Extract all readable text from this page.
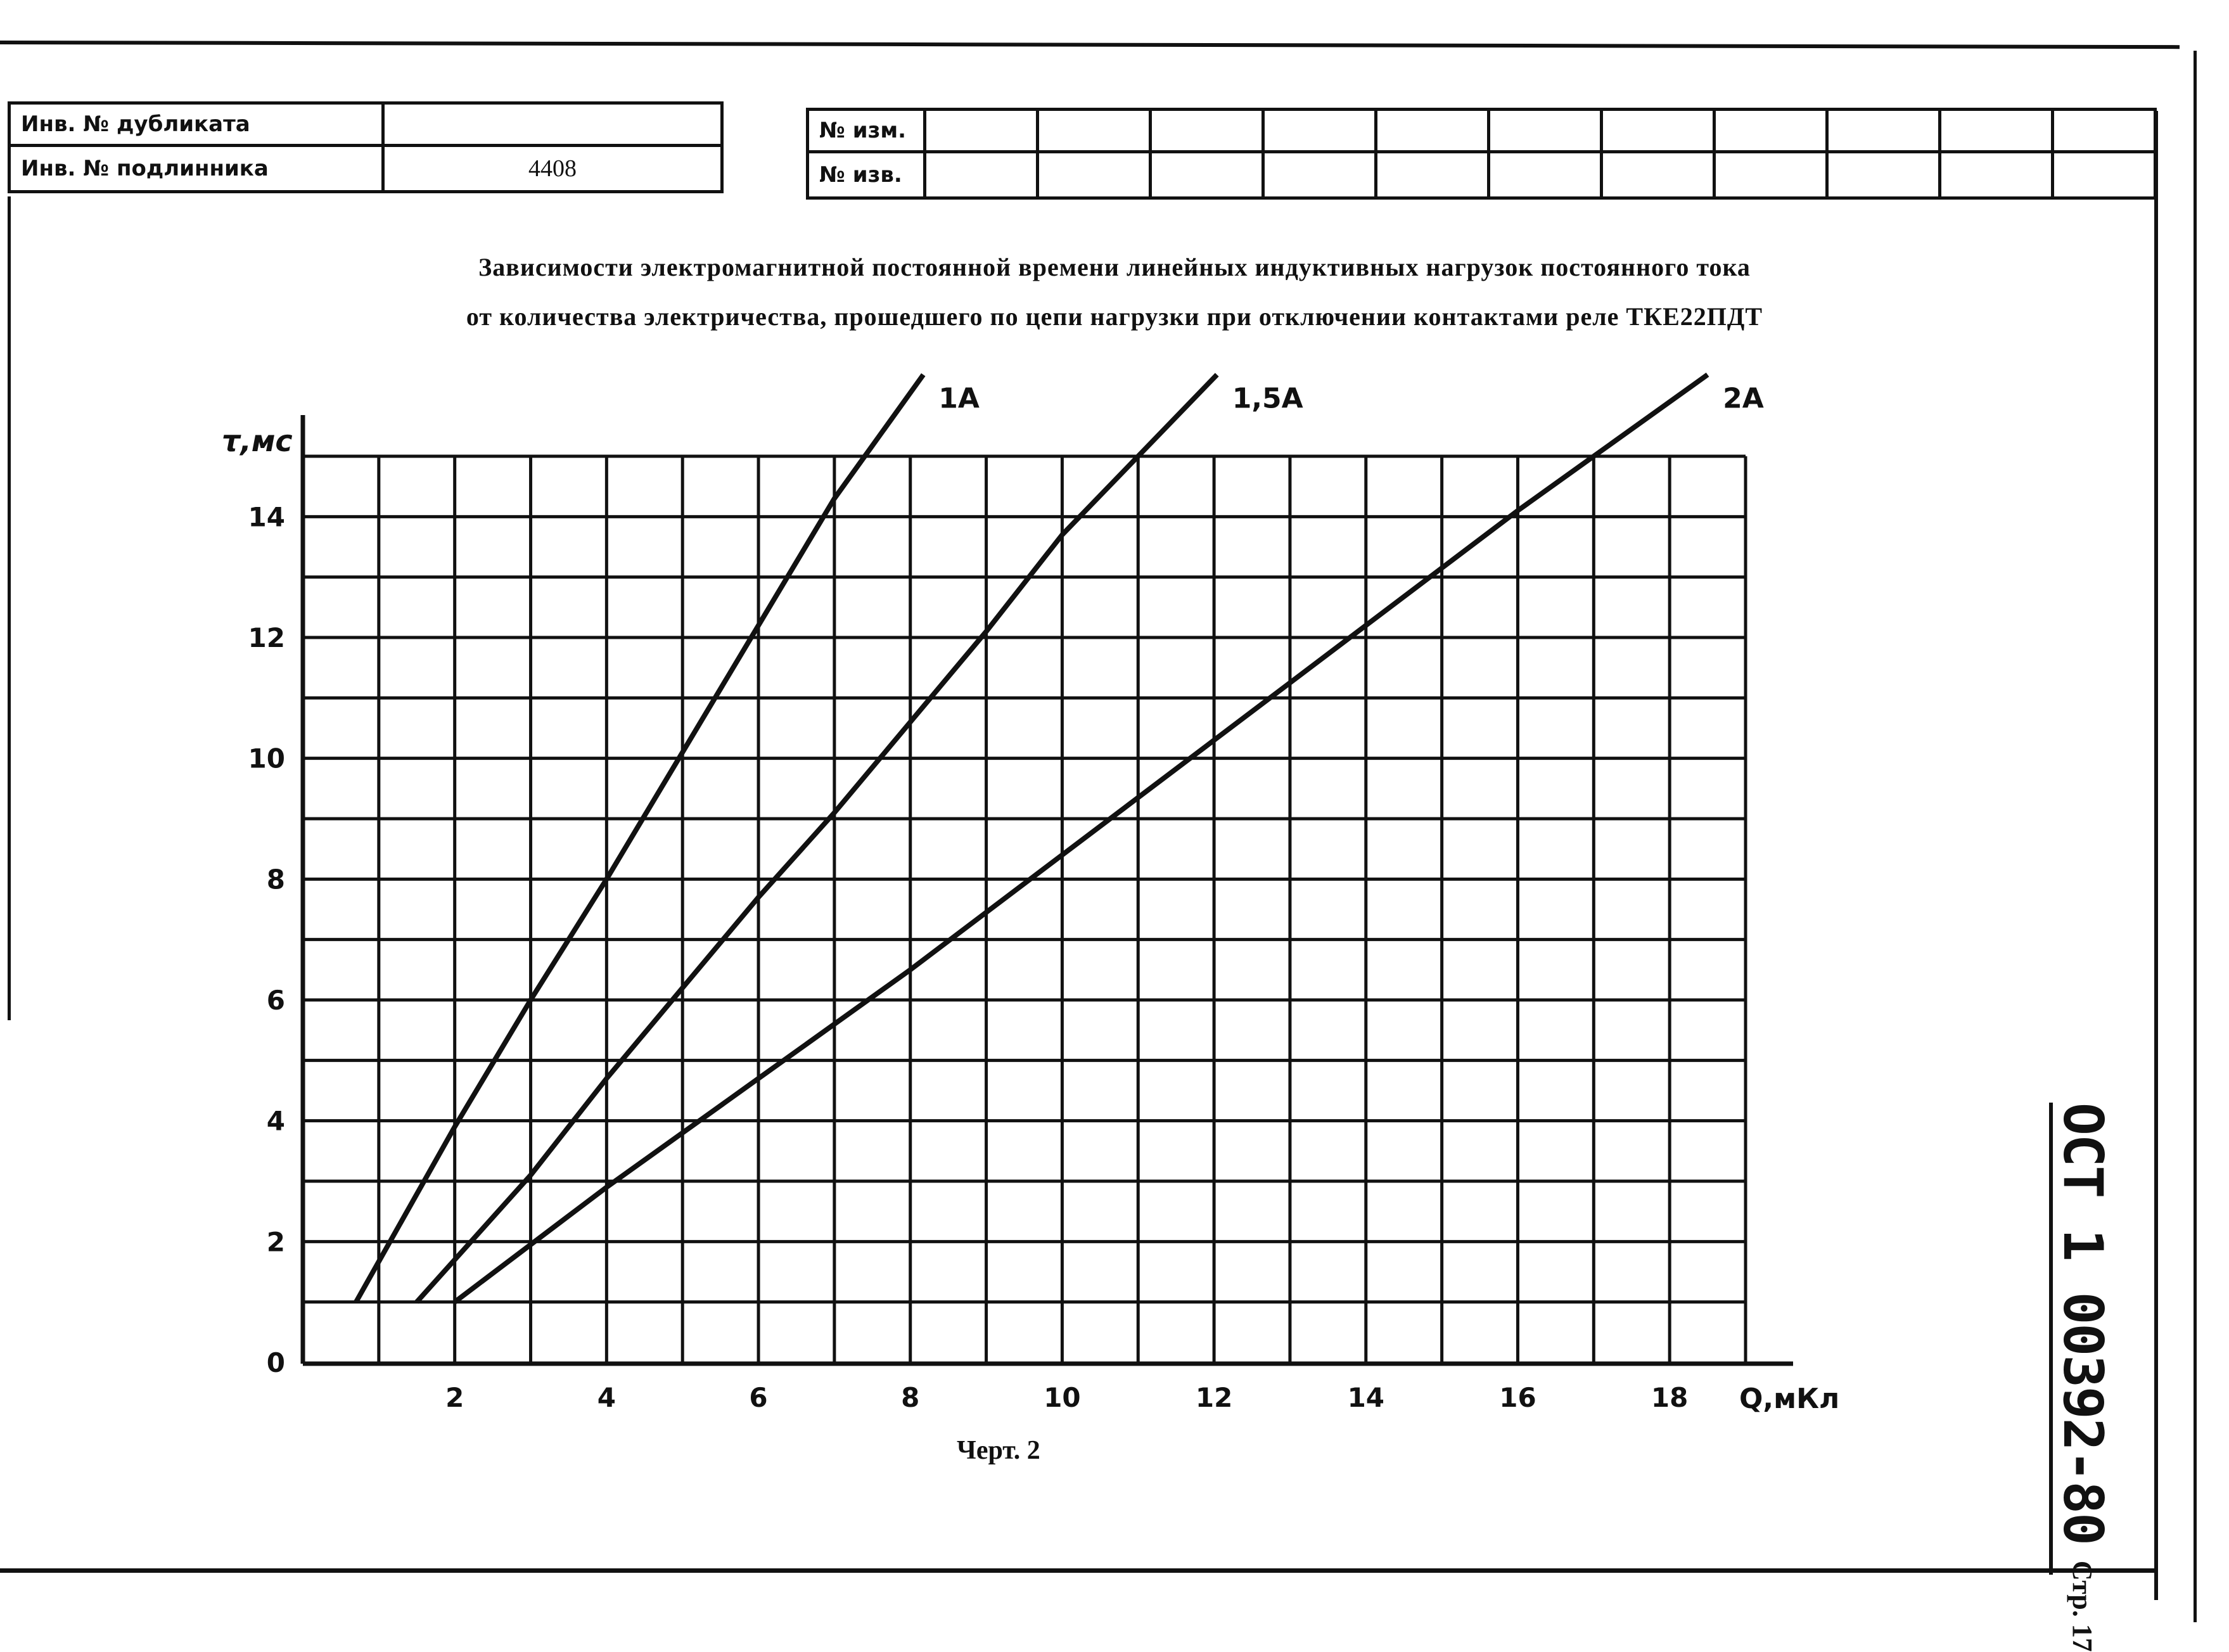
Инв. № дубликата
Инв. № подлинника	4408
№ изм.
№ изв.
Зависимости электромагнитной постоянной времени линейных индуктивных нагрузок постоянного тока
от количества электричества, прошедшего по цепи нагрузки при отключении контактами реле ТКЕ22ПДТ
1А	1,5А	2А
2	4	6	8	10	12	14	16	18
0
2
4
6
8
10
12
14
Q,мКл
τ,мс
Черт. 2	ОСТ 1 00392-80
Стр. 17
